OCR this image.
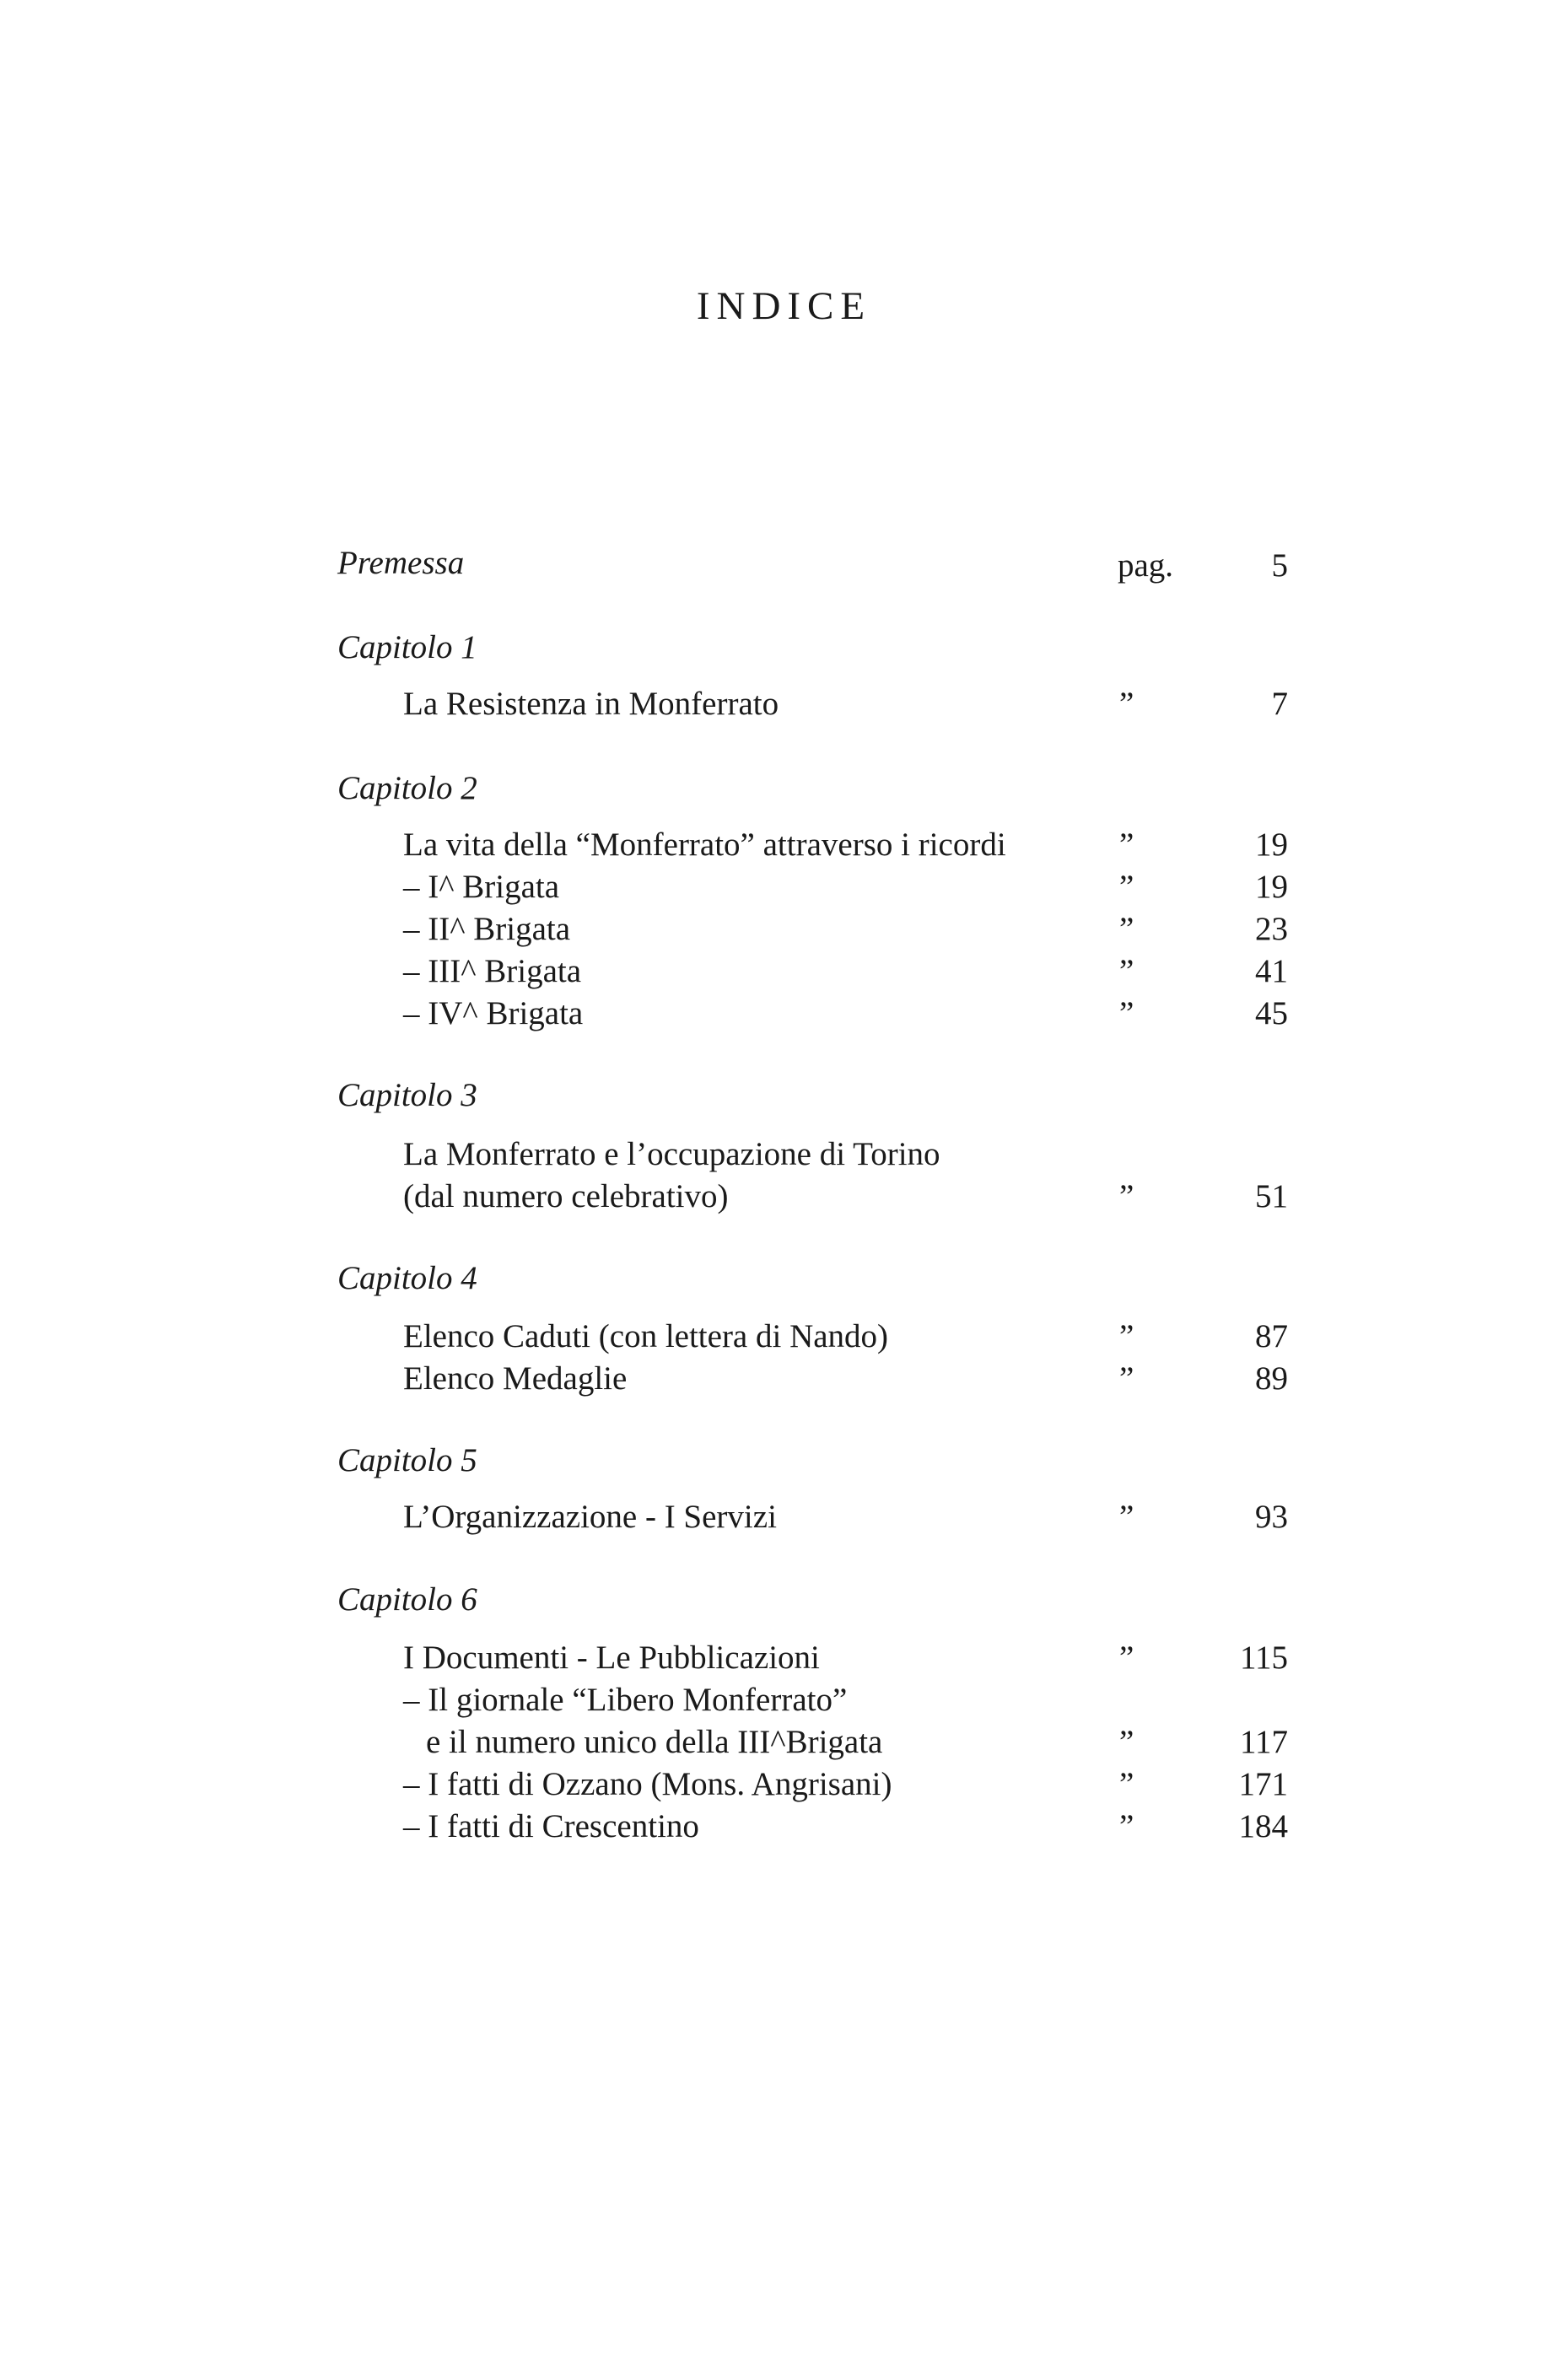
INDICE
Premessa	pag.	5
Capitolo 1
La Resistenza in Monferrato	”	7
Capitolo 2
La vita della “Monferrato” attraverso i ricordi	”	19
– I^ Brigata	”	19
– II^ Brigata	”	23
– III^ Brigata	”	41
– IV^ Brigata	”	45
Capitolo 3
La Monferrato e l’occupazione di Torino
(dal numero celebrativo)	”	51
Capitolo 4
Elenco Caduti (con lettera di Nando)	”	87
Elenco Medaglie	”	89
Capitolo 5
L’Organizzazione - I Servizi	”	93
Capitolo 6
I Documenti - Le Pubblicazioni	”	115
– Il giornale “Libero Monferrato”
e il numero unico della III^Brigata	”	117
– I fatti di Ozzano (Mons. Angrisani)	”	171
– I fatti di Crescentino	”	184
